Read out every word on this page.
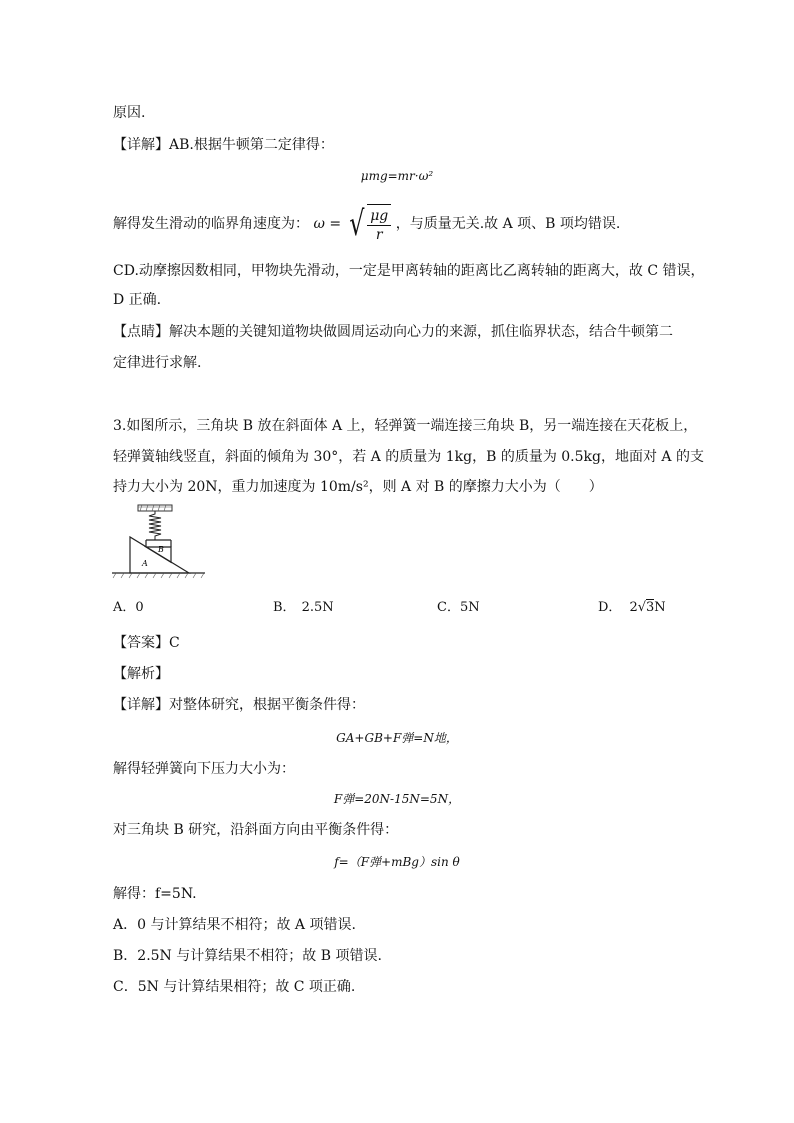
原因.
【详解】AB.根据牛顿第二定律得：
μmg=mr·ω²
解得发生滑动的临界角速度为： ω = √ $\frac{\mu g}{r}$ ，与质量无关.故 A 项、B 项均错误.
CD.动摩擦因数相同，甲物块先滑动，一定是甲离转轴的距离比乙离转轴的距离大，故 C 错误，
D 正确.
【点睛】解决本题的关键知道物块做圆周运动向心力的来源，抓住临界状态，结合牛顿第二
定律进行求解.
3.如图所示，三角块 B 放在斜面体 A 上，轻弹簧一端连接三角块 B，另一端连接在天花板上，
轻弹簧轴线竖直，斜面的倾角为 30°，若 A 的质量为 1kg，B 的质量为 0.5kg，地面对 A 的支
持力大小为 20N，重力加速度为 10m/s²，则 A 对 B 的摩擦力大小为（　　）
B
A
A．0	B． 2.5N	C．5N	D． 2√3N
【答案】C
【解析】
【详解】对整体研究，根据平衡条件得：
GA+GB+F弹=N地，
解得轻弹簧向下压力大小为：
F弹=20N-15N=5N，
对三角块 B 研究，沿斜面方向由平衡条件得：
f=（F弹+mBg）sin θ
解得：f=5N.
A．0 与计算结果不相符；故 A 项错误.
B．2.5N 与计算结果不相符；故 B 项错误.
C．5N 与计算结果相符；故 C 项正确.
